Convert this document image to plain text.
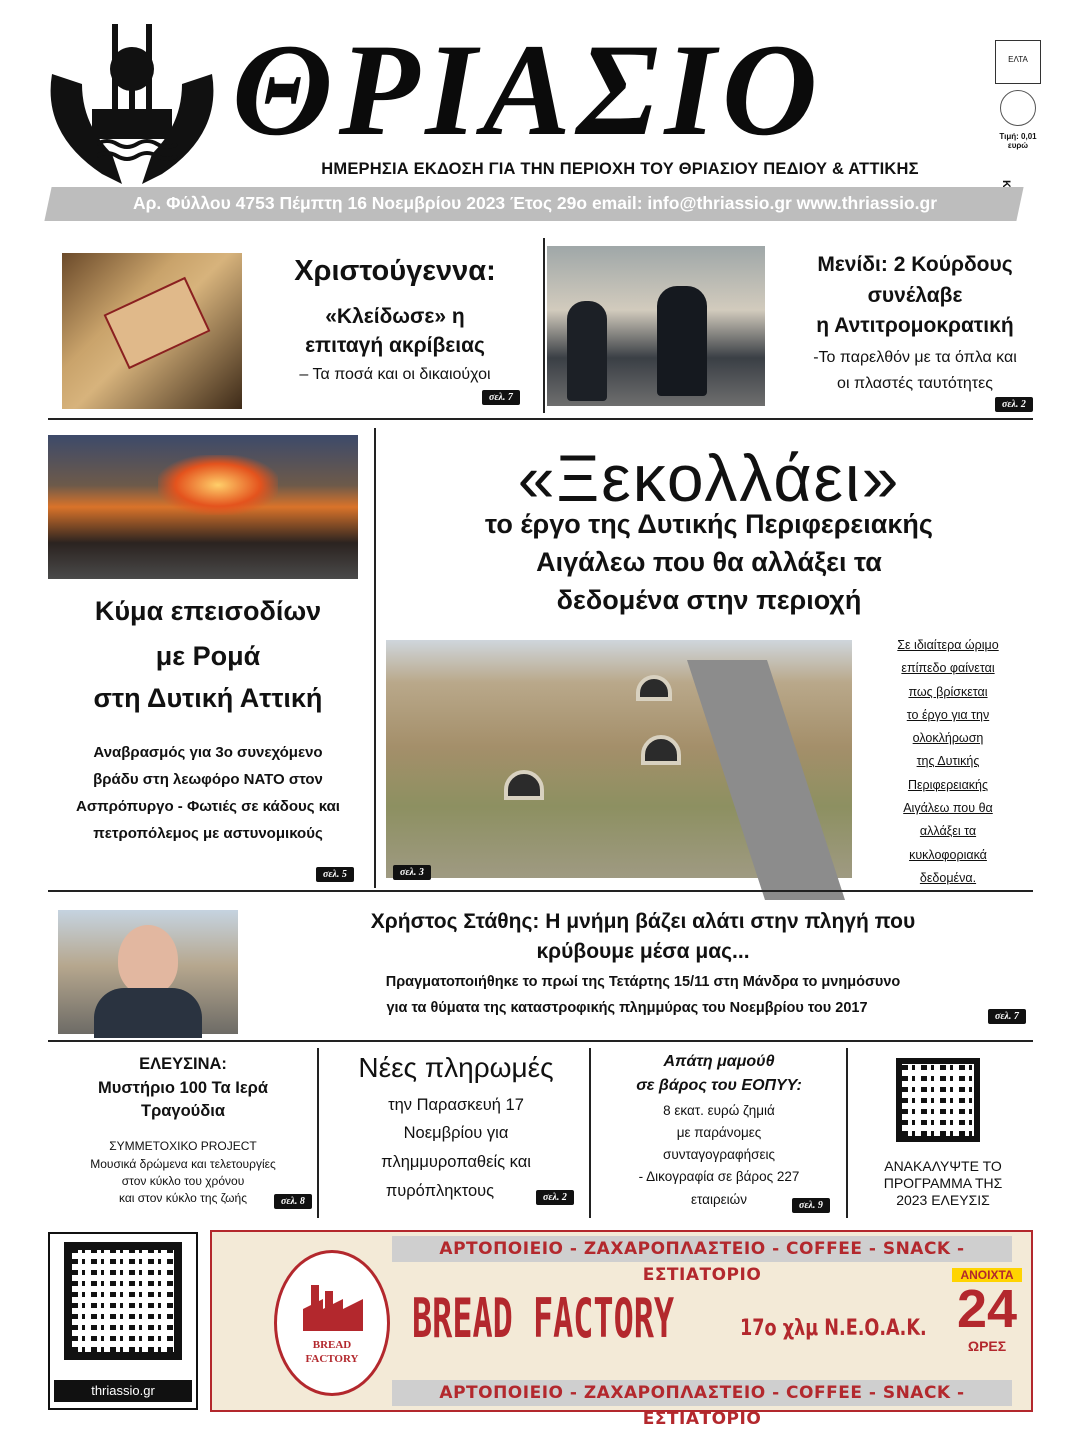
ΘΡΙΑΣΙΟ	ΕΛΤΑ
Τιμή: 0,01
ευρώ
ΗΜΕΡΗΣΙΑ ΕΚΔΟΣΗ ΓΙΑ ΤΗΝ ΠΕΡΙΟΧΗ ΤΟΥ ΘΡΙΑΣΙΟΥ ΠΕΔΙΟΥ & ΑΤΤΙΚΗΣ
Αρ. Φύλλου 4753 Πέμπτη 16 Νοεμβρίου 2023 Έτος 29ο email: info@thriassio.gr www.thriassio.gr
Χριστούγεννα:
«Κλείδωσε» η
επιταγή ακρίβειας
– Τα ποσά και οι δικαιούχοι
σελ. 7
Μενίδι: 2 Κούρδους
συνέλαβε
η Αντιτρομοκρατική
-Το παρελθόν με τα όπλα και
οι πλαστές ταυτότητες
σελ. 2
Κύμα επεισοδίων
με Ρομά
στη Δυτική Αττική
Αναβρασμός για 3ο συνεχόμενο
βράδυ στη λεωφόρο ΝΑΤΟ στον
Ασπρόπυργο - Φωτιές σε κάδους και
πετροπόλεμος με αστυνομικούς
σελ. 5
«Ξεκολλάει»
το έργο της Δυτικής Περιφερειακής
Αιγάλεω που θα αλλάξει τα
δεδομένα στην περιοχή
σελ. 3
Σε ιδιαίτερα ώριμο
επίπεδο φαίνεται
πως βρίσκεται
το έργο για την
ολοκλήρωση
της Δυτικής
Περιφερειακής
Αιγάλεω που θα
αλλάξει τα
κυκλοφοριακά
δεδομένα.
Χρήστος Στάθης: Η μνήμη βάζει αλάτι στην πληγή που
κρύβουμε μέσα μας...
Πραγματοποιήθηκε το πρωί της Τετάρτης 15/11 στη Μάνδρα το μνημόσυνο
για τα θύματα της καταστροφικής πλημμύρας του Νοεμβρίου του 2017
σελ. 7
ΕΛΕΥΣΙΝΑ:
Μυστήριο 100 Τα Ιερά
Τραγούδια
ΣΥΜΜΕΤΟΧΙΚΟ PROJECT
Μουσικά δρώμενα και τελετουργίες
στον κύκλο του χρόνου
και στον κύκλο της ζωής	σελ. 8
Νέες πληρωμές
την Παρασκευή 17
Νοεμβρίου για
πλημμυροπαθείς και
πυρόπληκτους	σελ. 2
Απάτη μαμούθ
σε βάρος του ΕΟΠΥΥ:
8 εκατ. ευρώ ζημιά
με παράνομες
συνταγογραφήσεις
- Δικογραφία σε βάρος 227
εταιρειών	σελ. 9
ΑΝΑΚΑΛΥΨΤΕ ΤΟ
ΠΡΟΓΡΑΜΜΑ ΤΗΣ
2023 ΕΛΕΥΣΙΣ
thriassio.gr
ΑΡΤΟΠΟΙΕΙΟ - ΖΑΧΑΡΟΠΛΑΣΤΕΙΟ - COFFEE - SNACK - ΕΣΤΙΑΤΟΡΙΟ
ΑΡΤΟΠΟΙΕΙΟ - ΖΑΧΑΡΟΠΛΑΣΤΕΙΟ - COFFEE - SNACK - ΕΣΤΙΑΤΟΡΙΟ
BREAD
FACTORY
BREAD FACTORY	17ο χλμ Ν.Ε.Ο.Α.Κ.
ΑΝΟΙΧΤΑ
24
ΩΡΕΣ
